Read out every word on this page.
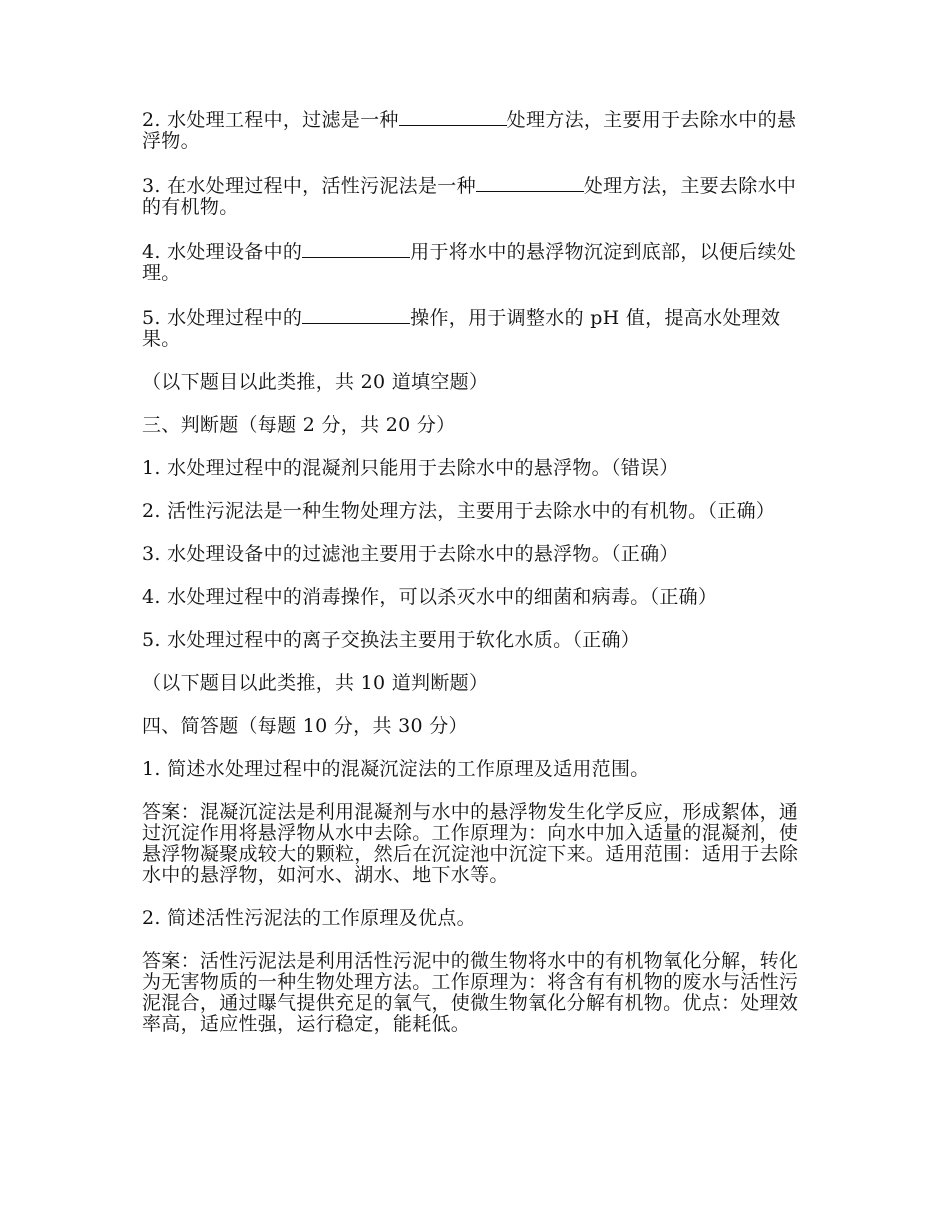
2. 水处理工程中，过滤是一种	处理方法，主要用于去除水中的悬浮物。

3. 在水处理过程中，活性污泥法是一种	处理方法，主要去除水中的有机物。

4. 水处理设备中的	用于将水中的悬浮物沉淀到底部，以便后续处理。

5. 水处理过程中的	操作，用于调整水的 pH 值，提高水处理效果。

（以下题目以此类推，共 20 道填空题）

三、判断题（每题 2 分，共 20 分）

1. 水处理过程中的混凝剂只能用于去除水中的悬浮物。（错误）

2. 活性污泥法是一种生物处理方法，主要用于去除水中的有机物。（正确）

3. 水处理设备中的过滤池主要用于去除水中的悬浮物。（正确）

4. 水处理过程中的消毒操作，可以杀灭水中的细菌和病毒。（正确）

5. 水处理过程中的离子交换法主要用于软化水质。（正确）

（以下题目以此类推，共 10 道判断题）

四、简答题（每题 10 分，共 30 分）

1. 简述水处理过程中的混凝沉淀法的工作原理及适用范围。

答案：混凝沉淀法是利用混凝剂与水中的悬浮物发生化学反应，形成絮体，通过沉淀作用将悬浮物从水中去除。工作原理为：向水中加入适量的混凝剂，使悬浮物凝聚成较大的颗粒，然后在沉淀池中沉淀下来。适用范围：适用于去除水中的悬浮物，如河水、湖水、地下水等。

2. 简述活性污泥法的工作原理及优点。

答案：活性污泥法是利用活性污泥中的微生物将水中的有机物氧化分解，转化为无害物质的一种生物处理方法。工作原理为：将含有有机物的废水与活性污泥混合，通过曝气提供充足的氧气，使微生物氧化分解有机物。优点：处理效率高，适应性强，运行稳定，能耗低。
